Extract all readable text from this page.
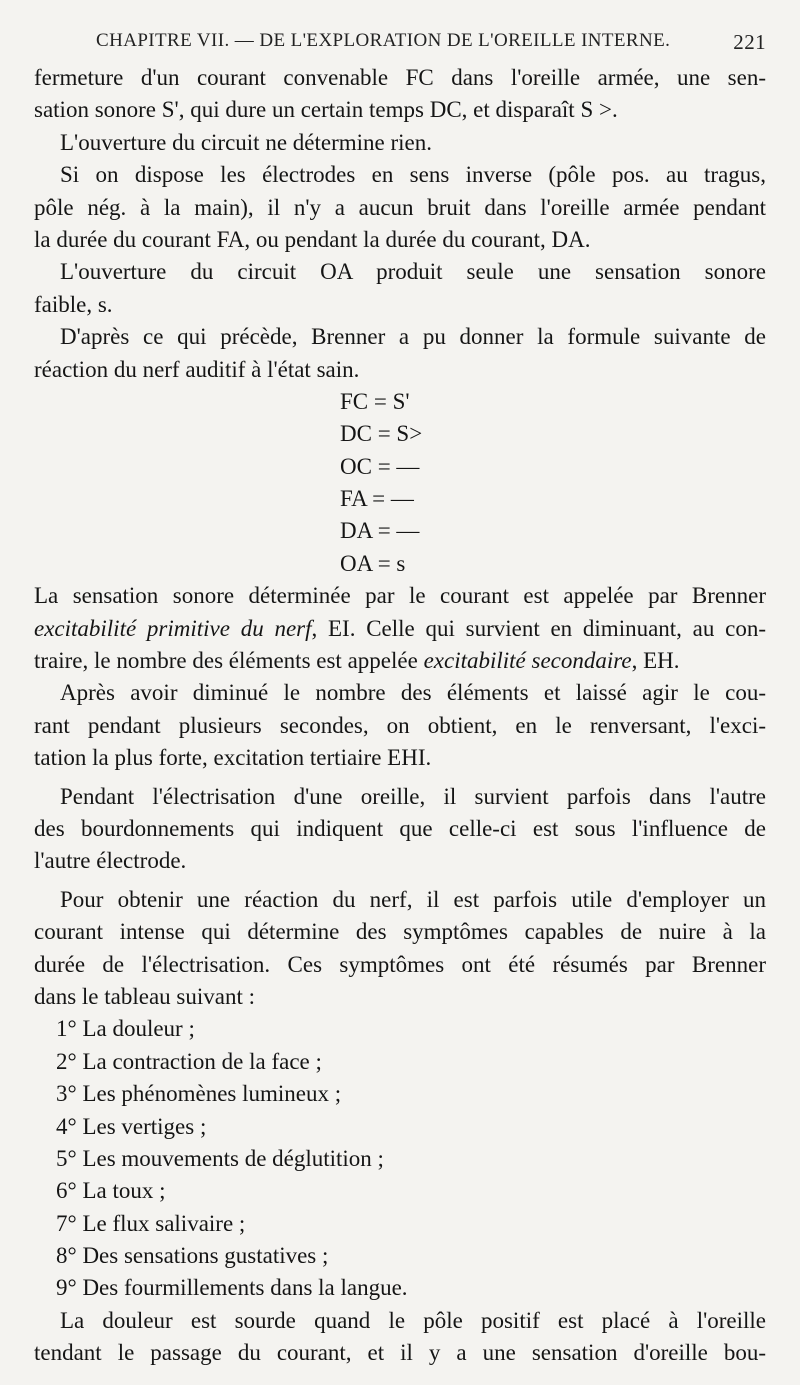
CHAPITRE VII. — DE L'EXPLORATION DE L'OREILLE INTERNE.	221
fermeture d'un courant convenable FC dans l'oreille armée, une sen-
sation sonore S', qui dure un certain temps DC, et disparaît S >.
L'ouverture du circuit ne détermine rien.
Si on dispose les électrodes en sens inverse (pôle pos. au tragus,
pôle nég. à la main), il n'y a aucun bruit dans l'oreille armée pendant
la durée du courant FA, ou pendant la durée du courant, DA.
L'ouverture du circuit OA produit seule une sensation sonore
faible, s.
D'après ce qui précède, Brenner a pu donner la formule suivante de
réaction du nerf auditif à l'état sain.
FC = S'
DC = S>
OC = —
FA = —
DA = —
OA = s
La sensation sonore déterminée par le courant est appelée par Brenner
excitabilité primitive du nerf, EI. Celle qui survient en diminuant, au con-
traire, le nombre des éléments est appelée excitabilité secondaire, EH.
Après avoir diminué le nombre des éléments et laissé agir le cou-
rant pendant plusieurs secondes, on obtient, en le renversant, l'exci-
tation la plus forte, excitation tertiaire EHI.
Pendant l'électrisation d'une oreille, il survient parfois dans l'autre
des bourdonnements qui indiquent que celle-ci est sous l'influence de
l'autre électrode.
Pour obtenir une réaction du nerf, il est parfois utile d'employer un
courant intense qui détermine des symptômes capables de nuire à la
durée de l'électrisation. Ces symptômes ont été résumés par Brenner
dans le tableau suivant :
1° La douleur ;
2° La contraction de la face ;
3° Les phénomènes lumineux ;
4° Les vertiges ;
5° Les mouvements de déglutition ;
6° La toux ;
7° Le flux salivaire ;
8° Des sensations gustatives ;
9° Des fourmillements dans la langue.
La douleur est sourde quand le pôle positif est placé à l'oreille
tendant le passage du courant, et il y a une sensation d'oreille bou-
